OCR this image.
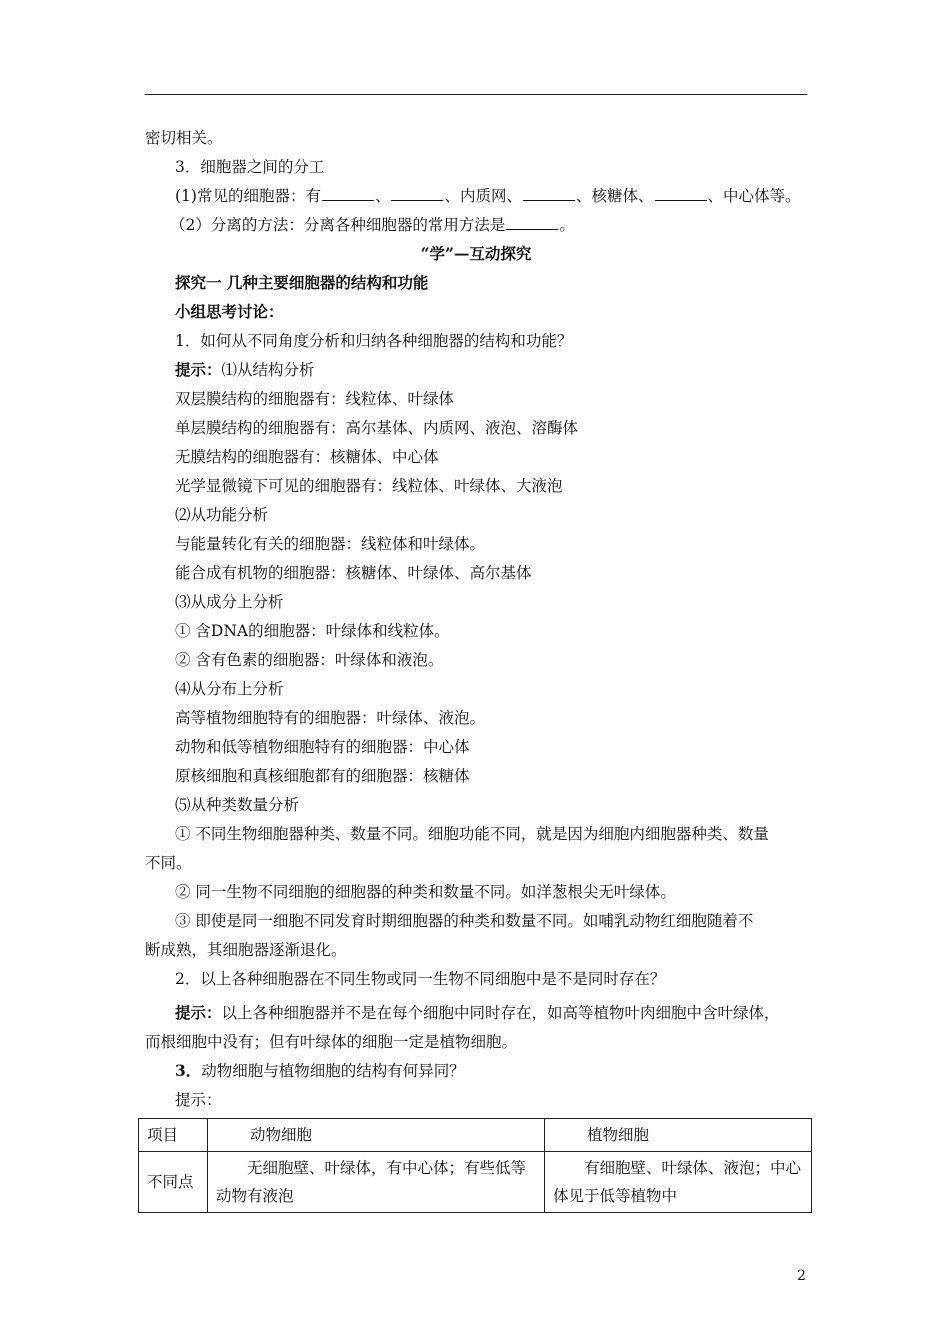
密切相关。
3．细胞器之间的分工
(1)常见的细胞器：有	、	、内质网、	、核糖体、	、中心体等。
（2）分离的方法：分离各种细胞器的常用方法是	。
“学”—互动探究
探究一 几种主要细胞器的结构和功能
小组思考讨论：
1．如何从不同角度分析和归纳各种细胞器的结构和功能？
提示：⑴从结构分析
双层膜结构的细胞器有：线粒体、叶绿体
单层膜结构的细胞器有：高尔基体、内质网、液泡、溶酶体
无膜结构的细胞器有：核糖体、中心体
光学显微镜下可见的细胞器有：线粒体、叶绿体、大液泡
⑵从功能分析
与能量转化有关的细胞器：线粒体和叶绿体。
能合成有机物的细胞器：核糖体、叶绿体、高尔基体
⑶从成分上分析
① 含DNA的细胞器：叶绿体和线粒体。
② 含有色素的细胞器：叶绿体和液泡。
⑷从分布上分析
高等植物细胞特有的细胞器：叶绿体、液泡。
动物和低等植物细胞特有的细胞器：中心体
原核细胞和真核细胞都有的细胞器：核糖体
⑸从种类数量分析
① 不同生物细胞器种类、数量不同。细胞功能不同，就是因为细胞内细胞器种类、数量
不同。
② 同一生物不同细胞的细胞器的种类和数量不同。如洋葱根尖无叶绿体。
③ 即使是同一细胞不同发育时期细胞器的种类和数量不同。如哺乳动物红细胞随着不
断成熟，其细胞器逐渐退化。
2．以上各种细胞器在不同生物或同一生物不同细胞中是不是同时存在？
提示：以上各种细胞器并不是在每个细胞中同时存在，如高等植物叶肉细胞中含叶绿体，
而根细胞中没有；但有叶绿体的细胞一定是植物细胞。
3．动物细胞与植物细胞的结构有何异同？
提示：
项目	动物细胞	植物细胞
不同点	无细胞壁、叶绿体，有中心体；有些低等动物有液泡	有细胞壁、叶绿体、液泡；中心体见于低等植物中
2
